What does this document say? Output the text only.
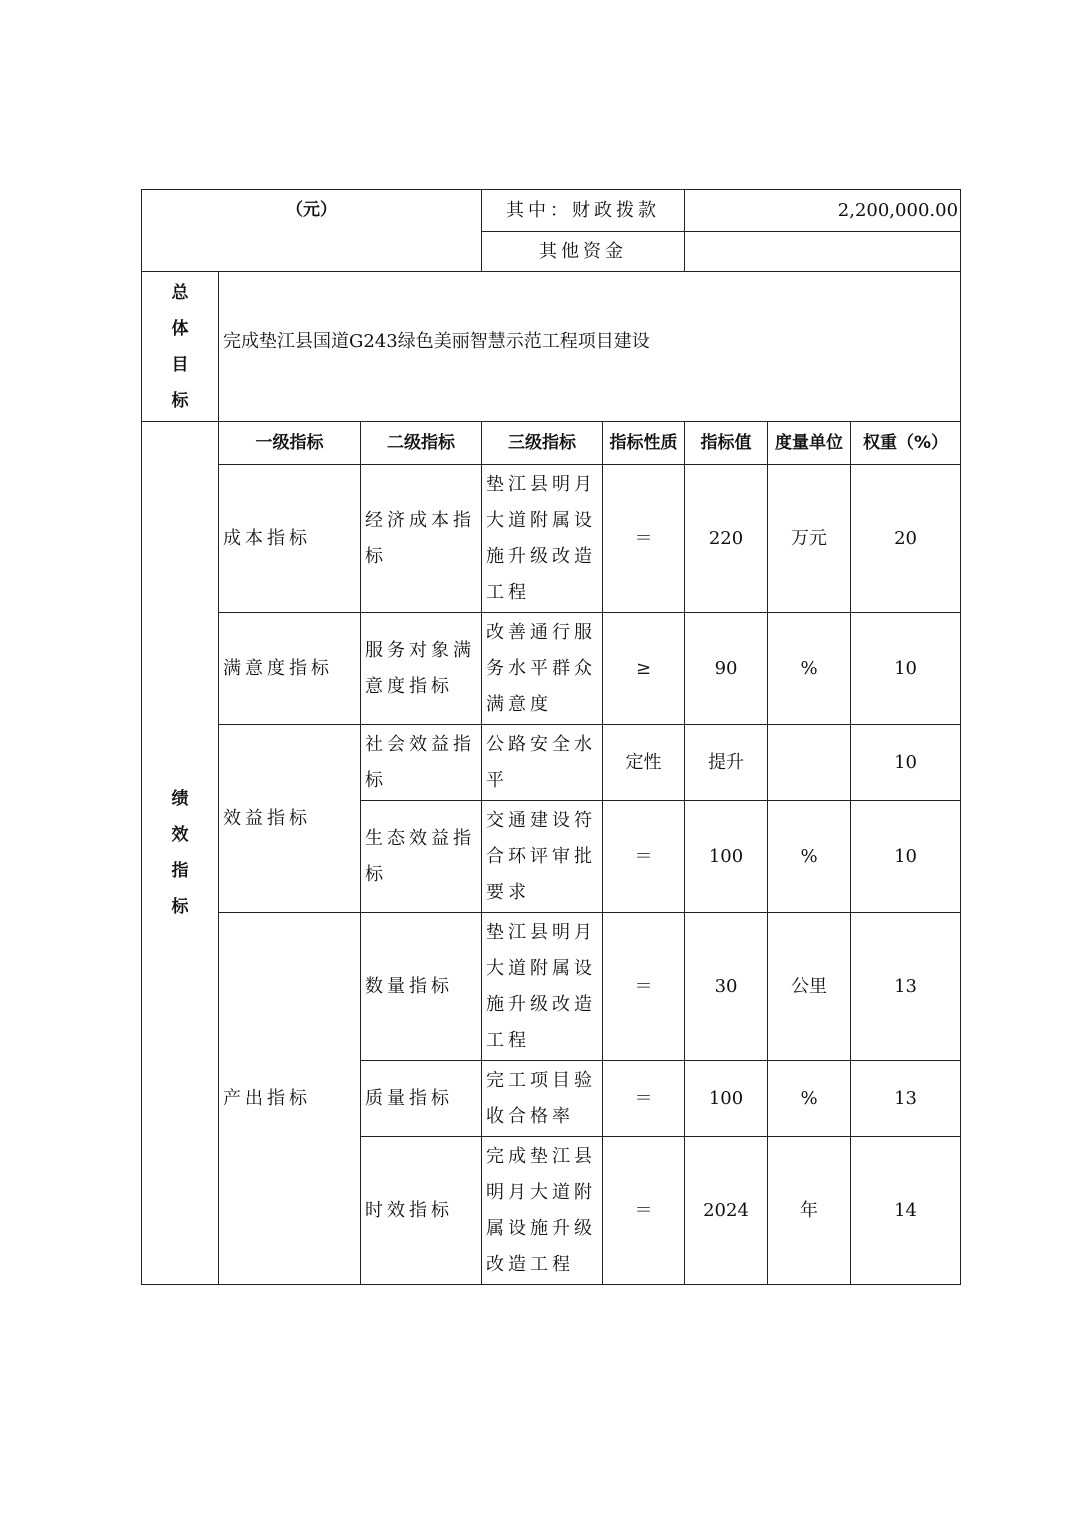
（元）			其中：财政拨款		2,200,000.00		
			其他资金				

总
体
目
标	完成垫江县国道G243绿色美丽智慧示范工程项目建设						

绩
效
指
标	一级指标	二级指标	三级指标	指标性质	指标值	度量单位	权重（%）
	成本指标	经济成本指标	垫江县明月大道附属设施升级改造工程	＝	220	万元	20
	满意度指标	服务对象满意度指标	改善通行服务水平群众满意度	≥	90	%	10
	效益指标	社会效益指标	公路安全水平	定性	提升		10
		生态效益指标	交通建设符合环评审批要求	＝	100	%	10
	产出指标	数量指标	垫江县明月大道附属设施升级改造工程	＝	30	公里	13
		质量指标	完工项目验收合格率	＝	100	%	13
		时效指标	完成垫江县明月大道附属设施升级改造工程	＝	2024	年	14
